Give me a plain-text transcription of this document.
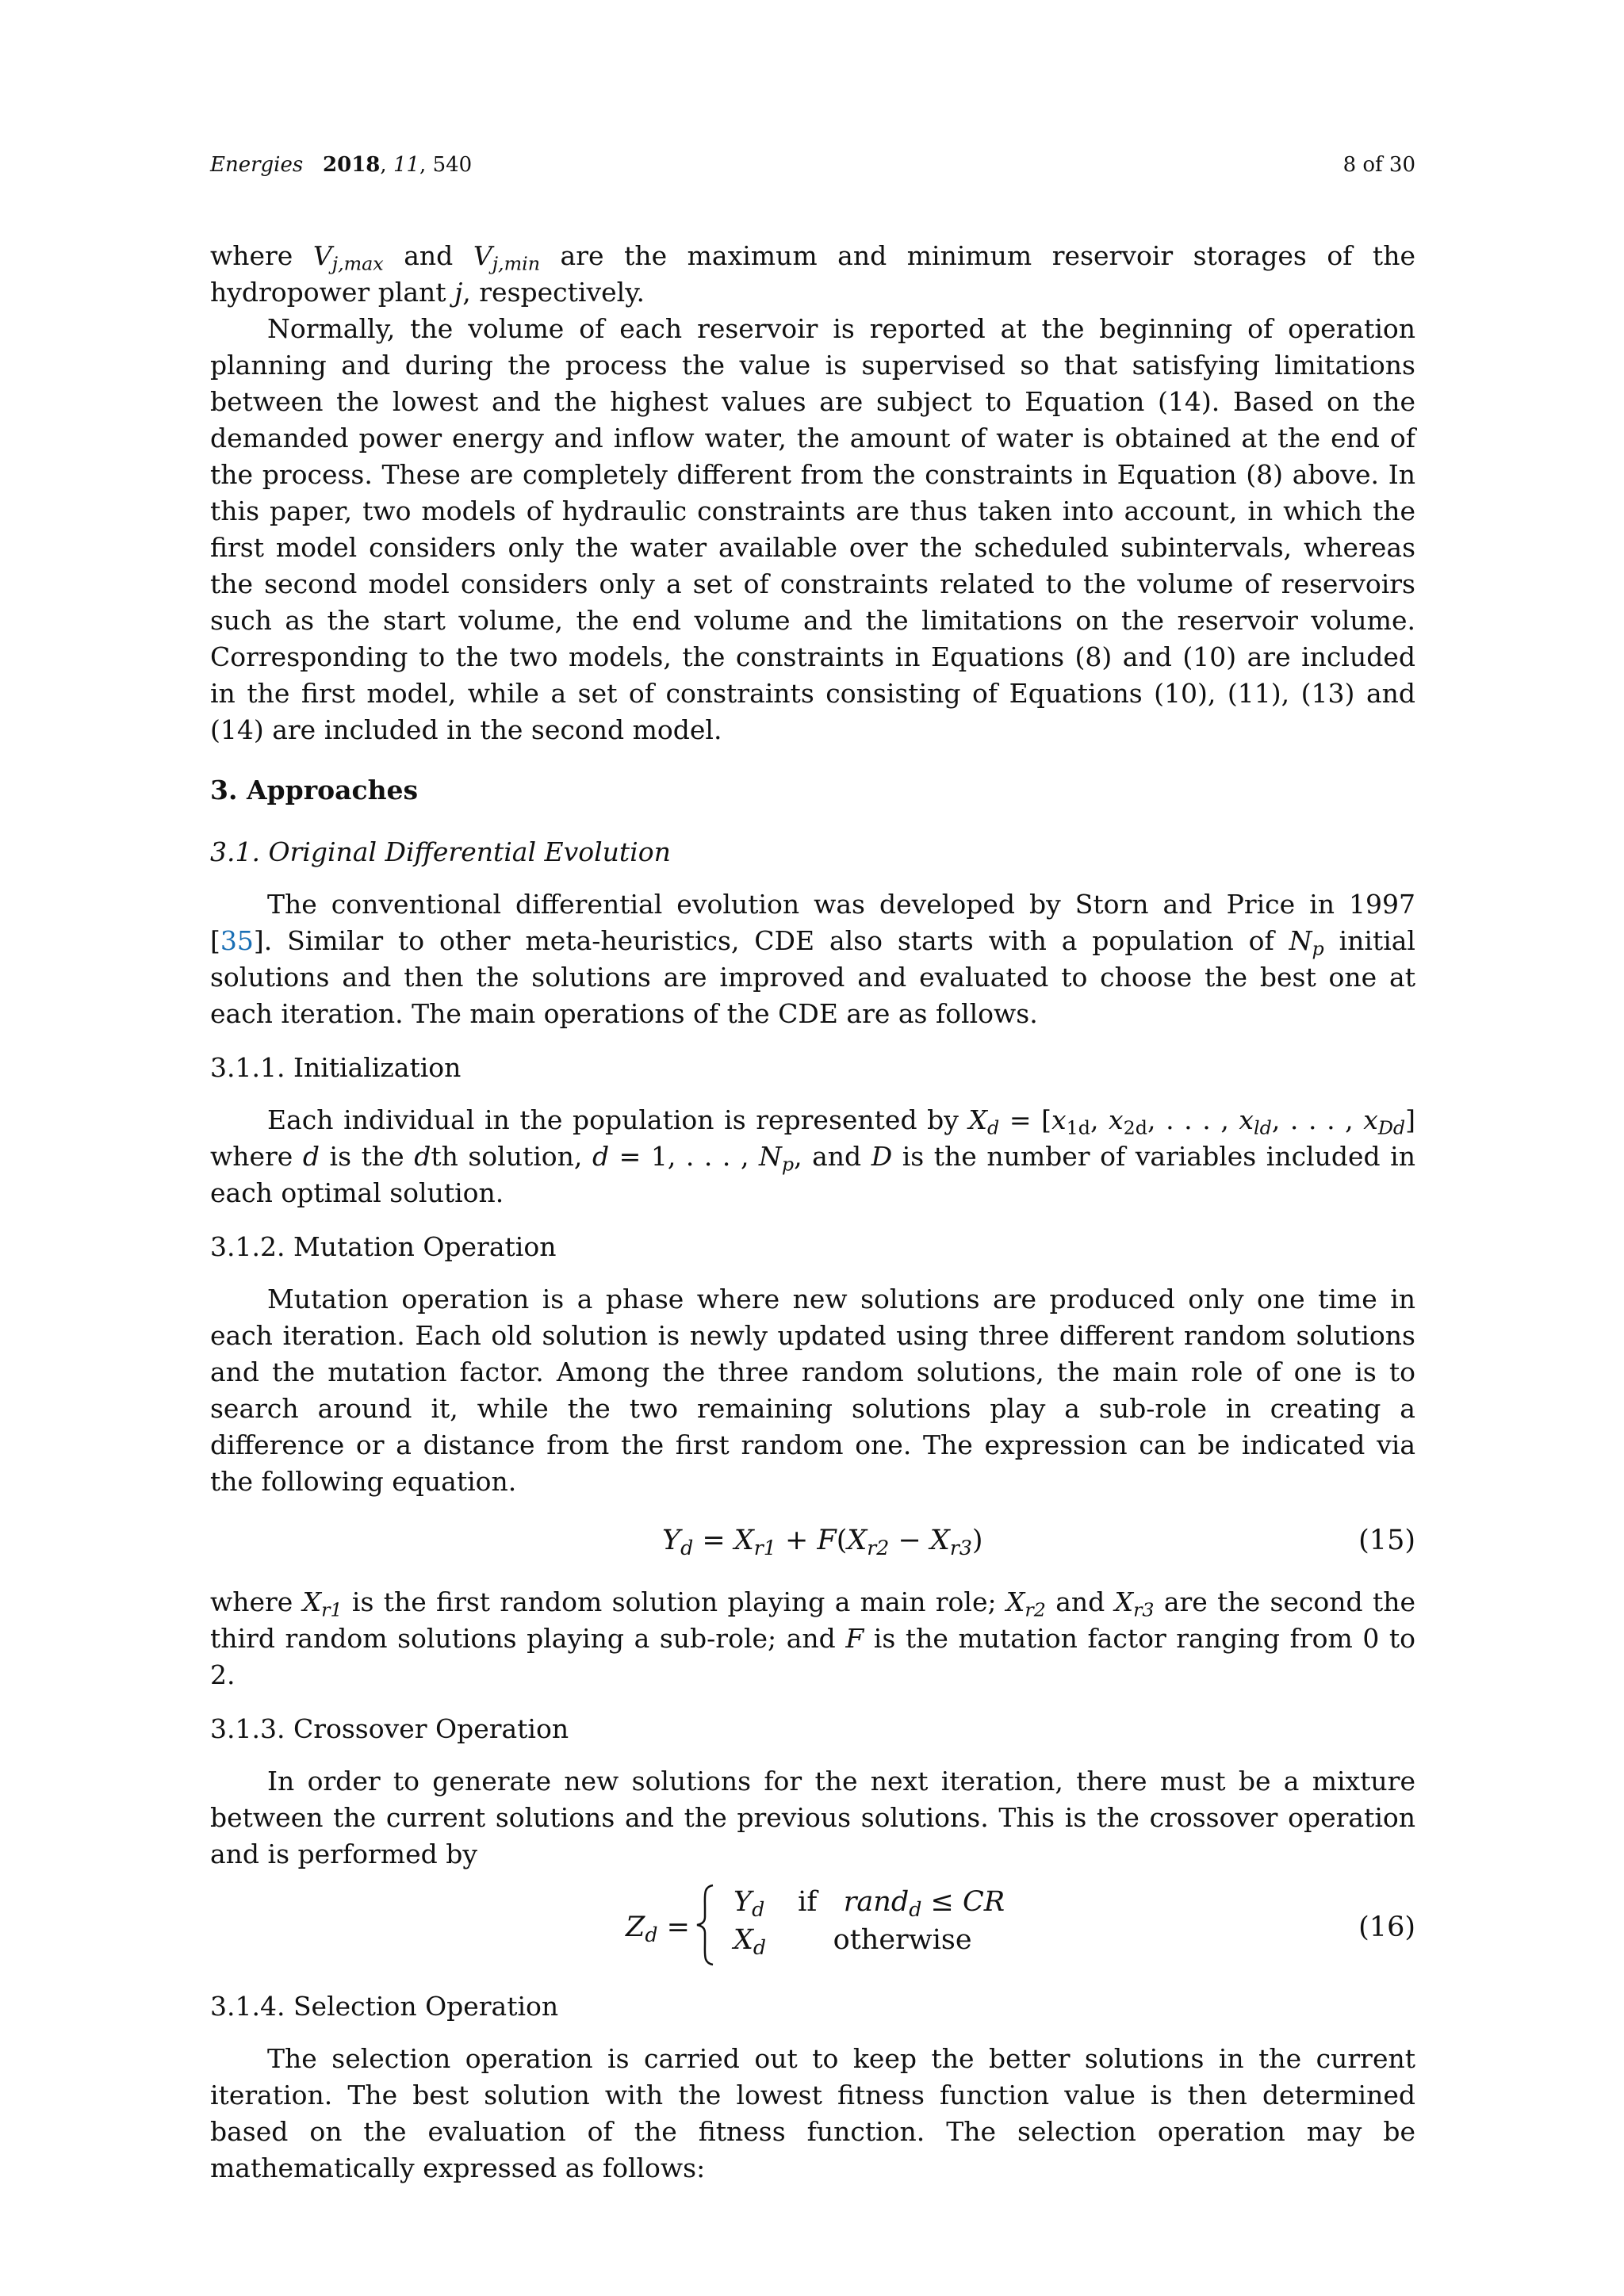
Energies 2018, 11, 540	8 of 30

where $V_{j,max}$ and $V_{j,min}$ are the maximum and minimum reservoir storages of the hydropower plant j, respectively.

Normally, the volume of each reservoir is reported at the beginning of operation planning and during the process the value is supervised so that satisfying limitations between the lowest and the highest values are subject to Equation (14). Based on the demanded power energy and inflow water, the amount of water is obtained at the end of the process. These are completely different from the constraints in Equation (8) above. In this paper, two models of hydraulic constraints are thus taken into account, in which the first model considers only the water available over the scheduled subintervals, whereas the second model considers only a set of constraints related to the volume of reservoirs such as the start volume, the end volume and the limitations on the reservoir volume. Corresponding to the two models, the constraints in Equations (8) and (10) are included in the first model, while a set of constraints consisting of Equations (10), (11), (13) and (14) are included in the second model.

3. Approaches
3.1. Original Differential Evolution

The conventional differential evolution was developed by Storn and Price in 1997 [35]. Similar to other meta-heuristics, CDE also starts with a population of $N_p$ initial solutions and then the solutions are improved and evaluated to choose the best one at each iteration. The main operations of the CDE are as follows.

3.1.1. Initialization

Each individual in the population is represented by $X_d = [x_{1d}$, $x_{2d}$, . . . , $x_{ld}$, . . . , $x_{Dd}$] where d is the dth solution, d = 1, . . . , $N_p$, and D is the number of variables included in each optimal solution.

3.1.2. Mutation Operation

Mutation operation is a phase where new solutions are produced only one time in each iteration. Each old solution is newly updated using three different random solutions and the mutation factor. Among the three random solutions, the main role of one is to search around it, while the two remaining solutions play a sub-role in creating a difference or a distance from the first random one. The expression can be indicated via the following equation.

$Y_d = X_{r1} + F(X_{r2} - X_{r3})$	(15)

where $X_{r1}$ is the first random solution playing a main role; $X_{r2}$ and $X_{r3}$ are the second the third random solutions playing a sub-role; and F is the mutation factor ranging from 0 to 2.

3.1.3. Crossover Operation

In order to generate new solutions for the next iteration, there must be a mixture between the current solutions and the previous solutions. This is the crossover operation and is performed by

$Z_d$ =
$Y_d$ if rand$_d$ ≤ CR
$X_d$ otherwise	(16)
3.1.4. Selection Operation

The selection operation is carried out to keep the better solutions in the current iteration. The best solution with the lowest fitness function value is then determined based on the evaluation of the fitness function. The selection operation may be mathematically expressed as follows:
